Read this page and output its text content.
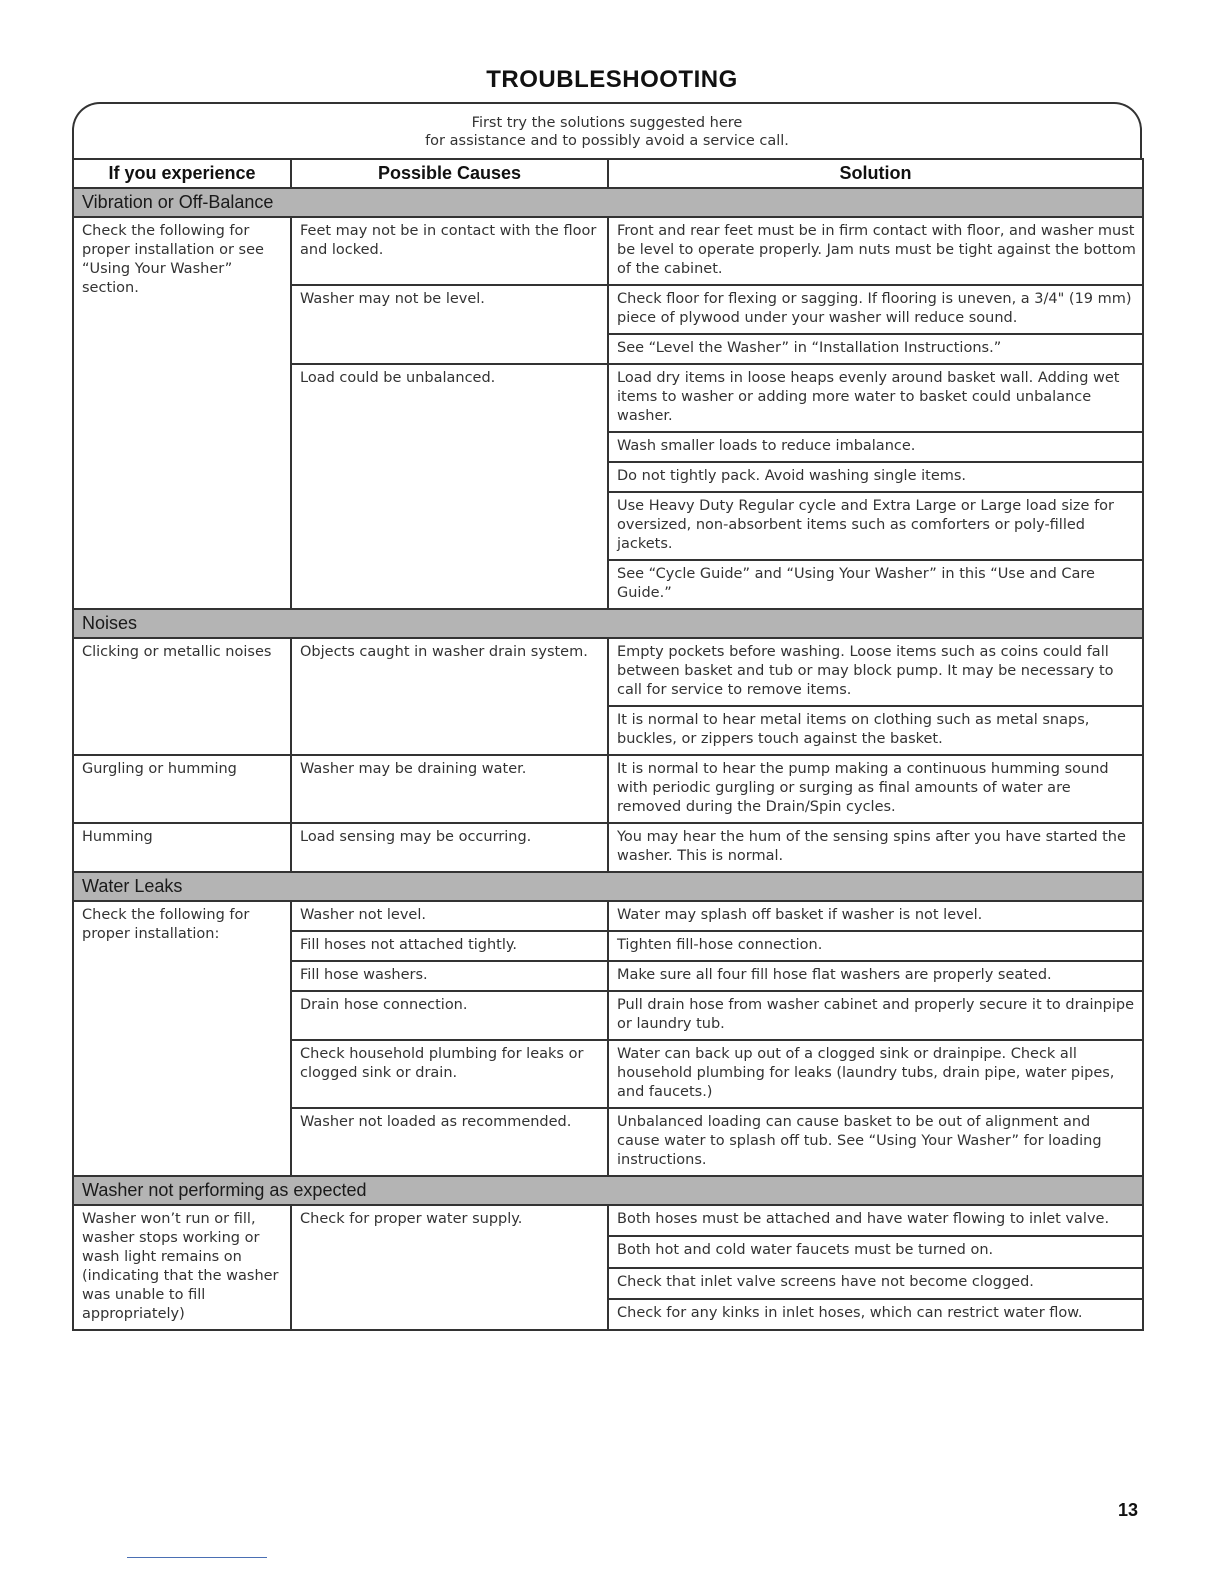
TROUBLESHOOTING
First try the solutions suggested here
for assistance and to possibly avoid a service call.
If you experience	Possible Causes	Solution
Vibration or Off-Balance		
Check the following for proper installation or see “Using Your Washer” section.	Feet may not be in contact with the floor and locked.	Front and rear feet must be in firm contact with floor, and washer must be level to operate properly. Jam nuts must be tight against the bottom of the cabinet.
	Washer may not be level.	Check floor for flexing or sagging. If flooring is uneven, a 3/4" (19 mm) piece of plywood under your washer will reduce sound.
		See “Level the Washer” in “Installation Instructions.”
	Load could be unbalanced.	Load dry items in loose heaps evenly around basket wall. Adding wet items to washer or adding more water to basket could unbalance washer.
		Wash smaller loads to reduce imbalance.
		Do not tightly pack. Avoid washing single items.
		Use Heavy Duty Regular cycle and Extra Large or Large load size for oversized, non-absorbent items such as comforters or poly-filled jackets.
		See “Cycle Guide” and “Using Your Washer” in this “Use and Care Guide.”
Noises		
Clicking or metallic noises	Objects caught in washer drain system.	Empty pockets before washing. Loose items such as coins could fall between basket and tub or may block pump. It may be necessary to call for service to remove items.
		It is normal to hear metal items on clothing such as metal snaps, buckles, or zippers touch against the basket.
Gurgling or humming	Washer may be draining water.	It is normal to hear the pump making a continuous humming sound with periodic gurgling or surging as final amounts of water are removed during the Drain/Spin cycles.
Humming	Load sensing may be occurring.	You may hear the hum of the sensing spins after you have started the washer. This is normal.
Water Leaks		
Check the following for proper installation:	Washer not level.	Water may splash off basket if washer is not level.
	Fill hoses not attached tightly.	Tighten fill-hose connection.
	Fill hose washers.	Make sure all four fill hose flat washers are properly seated.
	Drain hose connection.	Pull drain hose from washer cabinet and properly secure it to drainpipe or laundry tub.
	Check household plumbing for leaks or clogged sink or drain.	Water can back up out of a clogged sink or drainpipe. Check all household plumbing for leaks (laundry tubs, drain pipe, water pipes, and faucets.)
	Washer not loaded as recommended.	Unbalanced loading can cause basket to be out of alignment and cause water to splash off tub. See “Using Your Washer” for loading instructions.
Washer not performing as expected		
Washer won’t run or fill, washer stops working or wash light remains on (indicating that the washer was unable to fill appropriately)	Check for proper water supply.	Both hoses must be attached and have water flowing to inlet valve.
		Both hot and cold water faucets must be turned on.
		Check that inlet valve screens have not become clogged.
		Check for any kinks in inlet hoses, which can restrict water flow.
13
